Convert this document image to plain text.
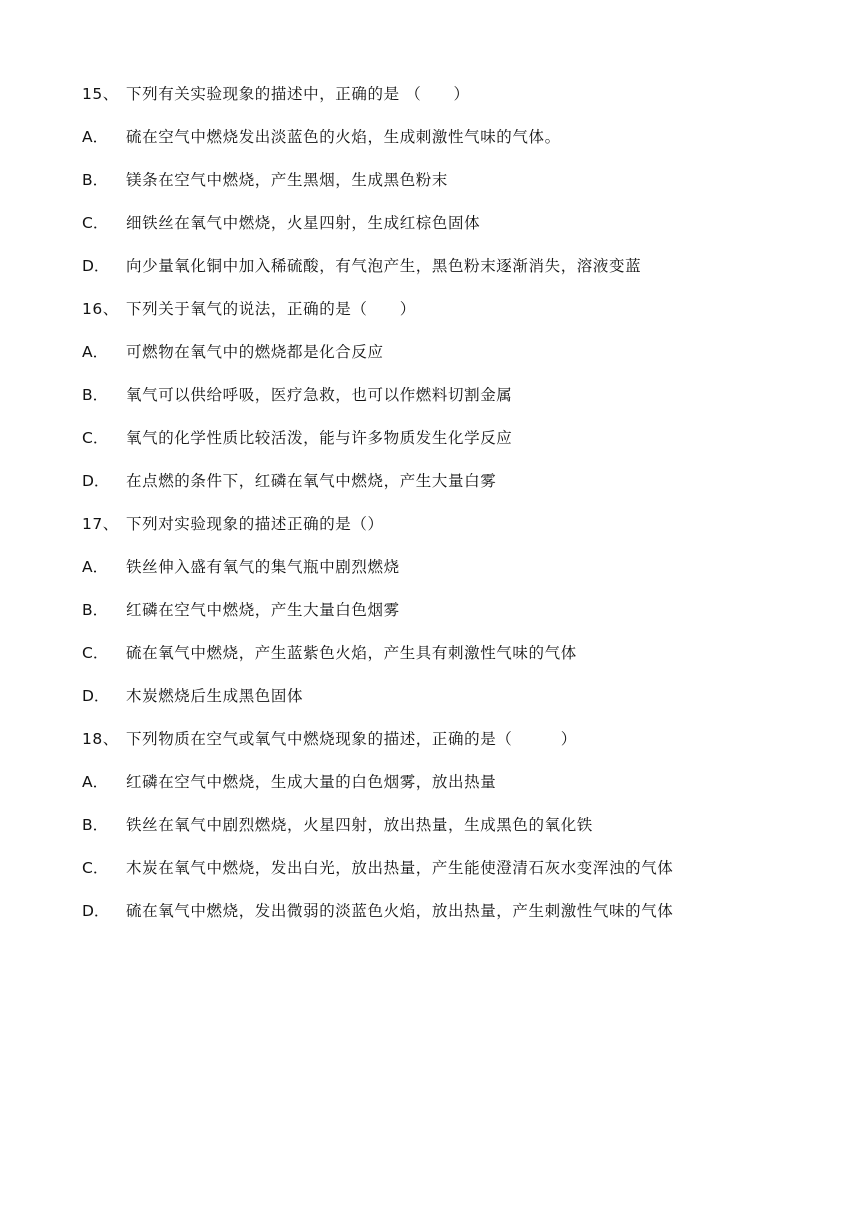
15、 下列有关实验现象的描述中，正确的是 （　　）
A．	硫在空气中燃烧发出淡蓝色的火焰，生成刺激性气味的气体。
B．	镁条在空气中燃烧，产生黑烟，生成黑色粉末
C．	细铁丝在氧气中燃烧，火星四射，生成红棕色固体
D．	向少量氧化铜中加入稀硫酸，有气泡产生，黑色粉末逐渐消失，溶液变蓝
16、 下列关于氧气的说法，正确的是（　　）
A．	可燃物在氧气中的燃烧都是化合反应
B．	氧气可以供给呼吸，医疗急救，也可以作燃料切割金属
C．	氧气的化学性质比较活泼，能与许多物质发生化学反应
D．	在点燃的条件下，红磷在氧气中燃烧，产生大量白雾
17、 下列对实验现象的描述正确的是（）
A．	铁丝伸入盛有氧气的集气瓶中剧烈燃烧
B．	红磷在空气中燃烧，产生大量白色烟雾
C．	硫在氧气中燃烧，产生蓝紫色火焰，产生具有刺激性气味的气体
D．	木炭燃烧后生成黑色固体
18、 下列物质在空气或氧气中燃烧现象的描述，正确的是（　　　）
A．	红磷在空气中燃烧，生成大量的白色烟雾，放出热量
B．	铁丝在氧气中剧烈燃烧，火星四射，放出热量，生成黑色的氧化铁
C．	木炭在氧气中燃烧，发出白光，放出热量，产生能使澄清石灰水变浑浊的气体
D．	硫在氧气中燃烧，发出微弱的淡蓝色火焰，放出热量，产生刺激性气味的气体
